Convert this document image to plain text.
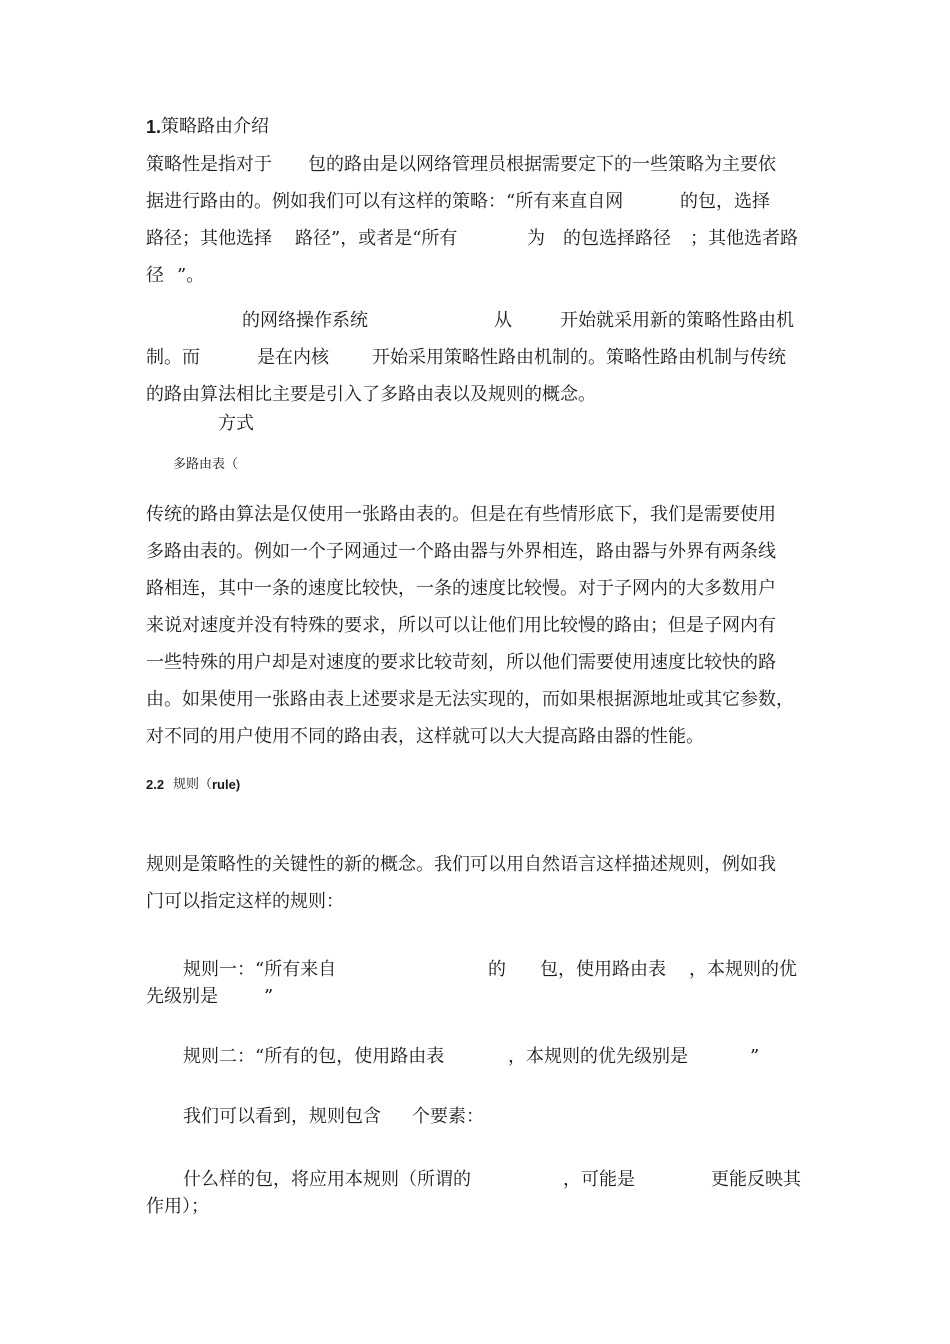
1. 策略路由介绍
策略性是指对于 包的路由是以网络管理员根据需要定下的一些策略为主要依
据进行路由的。例如我们可以有这样的策略：“所有来直自网	的包，选择
路径；其他选择 路径”，或者是“所有	为 的包选择路径 ；其他选者路
径 ”。
的网络操作系统	从	开始就采用新的策略性路由机
制。而	是在内核 开始采用策略性路由机制的。策略性路由机制与传统
的路由算法相比主要是引入了多路由表以及规则的概念。
方式
多路由表（
传统的路由算法是仅使用一张路由表的。但是在有些情形底下，我们是需要使用
多路由表的。例如一个子网通过一个路由器与外界相连，路由器与外界有两条线
路相连，其中一条的速度比较快，一条的速度比较慢。对于子网内的大多数用户
来说对速度并没有特殊的要求，所以可以让他们用比较慢的路由；但是子网内有
一些特殊的用户却是对速度的要求比较苛刻，所以他们需要使用速度比较快的路
由。如果使用一张路由表上述要求是无法实现的，而如果根据源地址或其它参数，
对不同的用户使用不同的路由表，这样就可以大大提高路由器的性能。
2.2 规则（ rule)
规则是策略性的关键性的新的概念。我们可以用自然语言这样描述规则，例如我
门可以指定这样的规则：
规则一：“所有来自	的 包，使用路由表 ，本规则的优
先级别是	”
规则二：“所有的包，使用路由表	，本规则的优先级别是	”
我们可以看到，规则包含 个要素：
什么样的包，将应用本规则（所谓的	，可能是	更能反映其
作用）；
